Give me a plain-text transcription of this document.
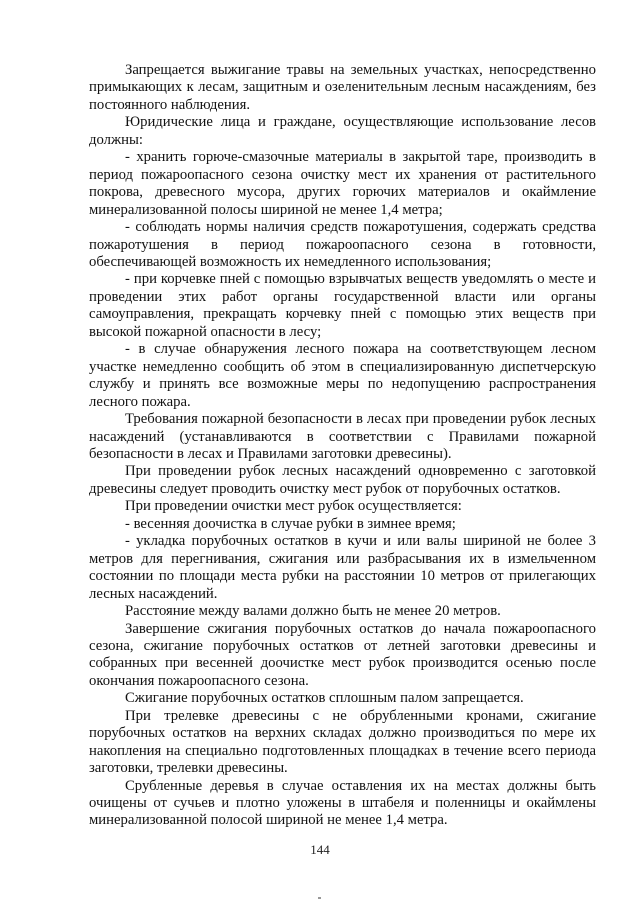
Запрещается выжигание травы на земельных участках, непосредственно примыкающих к лесам, защитным и озеленительным лесным насаждениям, без постоянного наблюдения.

Юридические лица и граждане, осуществляющие использование лесов должны:

- хранить горюче-смазочные материалы в закрытой таре, производить в период пожароопасного сезона очистку мест их хранения от растительного покрова, древесного мусора, других горючих материалов и окаймление минерализованной полосы шириной не менее 1,4 метра;

- соблюдать нормы наличия средств пожаротушения, содержать средства пожаротушения в период пожароопасного сезона в готовности, обеспечивающей возможность их немедленного использования;

- при корчевке пней с помощью взрывчатых веществ уведомлять о месте и проведении этих работ органы государственной власти или органы самоуправления, прекращать корчевку пней с помощью этих веществ при высокой пожарной опасности в лесу;

- в случае обнаружения лесного пожара на соответствующем лесном участке немедленно сообщить об этом в специализированную диспетчерскую службу и принять все возможные меры по недопущению распространения лесного пожара.

Требования пожарной безопасности в лесах при проведении рубок лесных насаждений (устанавливаются в соответствии с Правилами пожарной безопасности в лесах и Правилами заготовки древесины).

При проведении рубок лесных насаждений одновременно с заготовкой древесины следует проводить очистку мест рубок от порубочных остатков.

При проведении очистки мест рубок осуществляется:

- весенняя доочистка в случае рубки в зимнее время;

- укладка порубочных остатков в кучи и или валы шириной не более 3 метров для перегнивания, сжигания или разбрасывания их в измельченном состоянии по площади места рубки на расстоянии 10 метров от прилегающих лесных насаждений.

Расстояние между валами должно быть не менее 20 метров.

Завершение сжигания порубочных остатков до начала пожароопасного сезона, сжигание порубочных остатков от летней заготовки древесины и собранных при весенней доочистке мест рубок производится осенью после окончания пожароопасного сезона.

Сжигание порубочных остатков сплошным палом запрещается.

При трелевке древесины с не обрубленными кронами, сжигание порубочных остатков на верхних складах должно производиться по мере их накопления на специально подготовленных площадках в течение всего периода заготовки, трелевки древесины.

Срубленные деревья в случае оставления их на местах должны быть очищены от сучьев и плотно уложены в штабеля и поленницы и окаймлены минерализованной полосой шириной не менее 1,4 метра.

144
